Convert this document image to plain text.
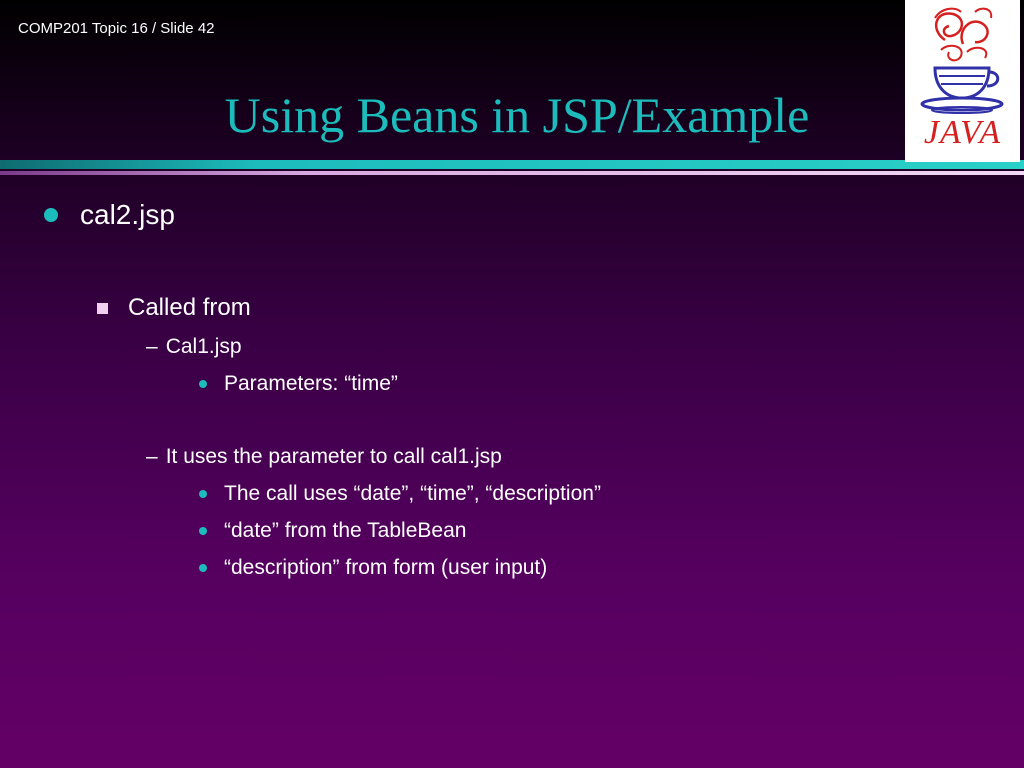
COMP201 Topic 16 / Slide 42
Using Beans in JSP/Example	JAVA
cal2.jsp
Called from
– Cal1.jsp
Parameters: “time”
– It uses the parameter to call cal1.jsp
The call uses “date”, “time”, “description”
“date” from the TableBean
“description” from form (user input)
